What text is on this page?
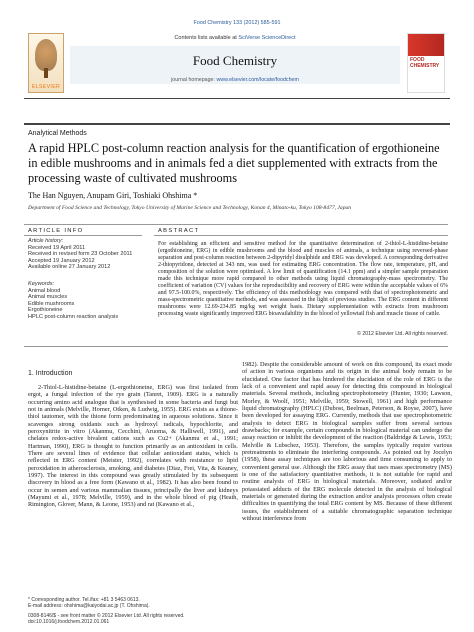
Food Chemistry 133 (2012) 585-591
ELSEVIER
Contents lists available at SciVerse ScienceDirect
Food Chemistry
journal homepage: www.elsevier.com/locate/foodchem
FOOD CHEMISTRY
Analytical Methods
A rapid HPLC post-column reaction analysis for the quantification of ergothioneine in edible mushrooms and in animals fed a diet supplemented with extracts from the processing waste of cultivated mushrooms
The Han Nguyen, Anupam Giri, Toshiaki Ohshima *
Department of Food Science and Technology, Tokyo University of Marine Science and Technology, Konan 4, Minato-ku, Tokyo 108-8477, Japan
ARTICLE INFO	ABSTRACT
Article history:
Received 19 April 2011
Received in revised form 23 October 2011
Accepted 19 January 2012
Available online 27 January 2012
Keywords:
Animal blood
Animal muscles
Edible mushrooms
Ergothioneine
HPLC post-column reaction analysis
For establishing an efficient and sensitive method for the quantitative determination of 2-thiol-L-histidine-betaine (ergothioneine, ERG) in edible mushrooms and the blood and muscles of animals, a technique using reversed-phase separation and post-column reaction between 2-dipyridyl disulphide and ERG was developed. A corresponding derivative 2-thiopyridone, detected at 343 nm, was used for estimating ERG concentration. The flow rate, temperature, pH, and composition of the solution were optimised. A low limit of quantification (14.1 ppm) and a simpler sample preparation made this technique more rapid compared to other methods using liquid chromatography-mass spectrometry. The coefficient of variation (CV) values for the reproducibility and recovery of ERG were within the acceptable values of 6% and 97.5-100.0%, respectively. The efficiency of this methodology was compared with that of spectrophotometric and mass-spectrometric quantitative methods, and was assessed in the light of previous studies. The ERG content in different mushrooms were 12.69-234.85 mg/kg wet weight basis. Dietary supplementation with extracts from mushroom processing waste significantly improved ERG bioavailability in the blood of yellowtail fish and muscle tissue of cattle.
© 2012 Elsevier Ltd. All rights reserved.
1. Introduction

2-Thiol-L-histidine-betaine (L-ergothioneine, ERG) was first isolated from ergot, a fungal infection of the rye grain (Tanret, 1909). ERG is a naturally occurring amino acid analogue that is synthesised in some bacteria and fungi but not in animals (Melville, Horner, Otken, & Ludwig, 1955). ERG exists as a thione-thiol tautomer, with the thione form predominating in aqueous solutions. Since it scavenges strong oxidants such as hydroxyl radicals, hypochlorite, and peroxynitrite in vitro (Akanmu, Cecchini, Aruoma, & Halliwell, 1991), and chelates redox-active bivalent cations such as Cu2+ (Akanmu et al., 1991; Hartman, 1990), ERG is thought to function primarily as an antioxidant in cells. There are several lines of evidence that cellular antioxidant status, which is reflected in ERG content (Meister, 1992), correlates with resistance to lipid peroxidation in atherosclerosis, smoking, and diabetes (Diaz, Frei, Vita, & Keaney, 1997). The interest in this compound was greatly stimulated by its subsequent discovery in blood as a free form (Kawano et al., 1982). It has also been found to occur in semen and various mammalian tissues, principally the liver and kidneys (Mayumi et al., 1978; Melville, 1959), and in the whole blood of pig (Heath, Rimington, Glover, Mann, & Leone, 1953) and rat (Kawano et al.,

1982). Despite the considerable amount of work on this compound, its exact mode of action in various organisms and its origin in the animal body remain to be elucidated. One factor that has hindered the elucidation of the role of ERG is the lack of a convenient and rapid assay for detecting this compound in biological materials. Several methods, including spectrophotometry (Hunter, 1930; Lawson, Morley, & Woolf, 1951; Melville, 1959; Stowell, 1961) and high performance liquid chromatography (HPLC) (Dubost, Beelman, Peterson, & Royse, 2007), have been developed for assaying ERG. Currently, methods that use spectrophotometric analysis to detect ERG in biological samples suffer from several serious drawbacks; for example, certain compounds in biological material can undergo the assay reaction or inhibit the development of the reaction (Baldridge & Lewis, 1953; Melville & Lubschez, 1953). Therefore, the samples typically require various pretreatments to eliminate the interfering compounds. As pointed out by Jocelyn (1958), these assay techniques are too laborious and time consuming to apply to convenient general use. Although the ERG assay that uses mass spectrometry (MS) is one of the satisfactory quantitative methods, it is not suitable for rapid and routine analysis of ERG in biological materials. Moreover, sodiated and/or potassiated adducts of the ERG molecule detected in the analysis of biological materials or generated during the extraction and/or analysis processes often create difficulties in quantifying the total ERG content by MS. Because of these different issues, the establishment of a suitable chromatographic separation technique without interference from

* Corresponding author. Tel./fax: +81 3 5463 0613.
E-mail address: ohshima@kaiyodai.ac.jp (T. Ohshima).
0308-8146/$ - see front matter © 2012 Elsevier Ltd. All rights reserved.
doi:10.1016/j.foodchem.2012.01.061
